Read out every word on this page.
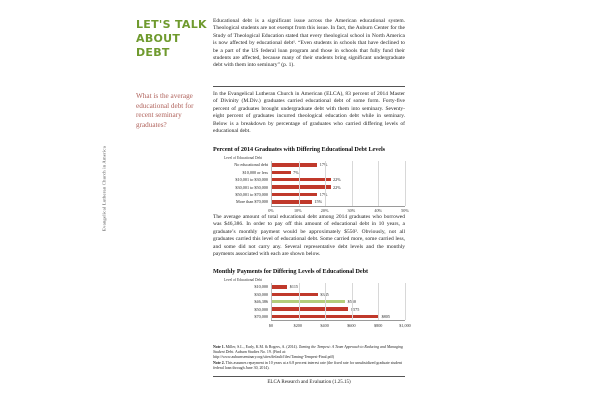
Evangelical Lutheran Church in America
LET'S TALK
ABOUT DEBT
What is the average educational debt for recent seminary graduates?
Educational debt is a significant issue across the American educational system. Theological students are not exempt from this issue. In fact, the Auburn Center for the Study of Theological Education stated that every theological school in North America is now affected by educational debt¹. “Even students in schools that have declined to be a part of the US federal loan program and those in schools that fully fund their students are affected, because many of their students bring significant undergraduate debt with them into seminary” (p. 1).
In the Evangelical Lutheran Church in American (ELCA), 83 percent of 2014 Master of Divinity (M.Div.) graduates carried educational debt of some form. Forty-five percent of graduates brought undergraduate debt with them into seminary. Seventy-eight percent of graduates incurred theological education debt while in seminary. Below is a breakdown by percentage of graduates who carried differing levels of educational debt.
Percent of 2014 Graduates with Differing Educational Debt Levels
Level of Educational Debt
No educational debt	17%
$10,000 or less	7%
$10,001 to $30,000	22%
$30,001 to $50,000	22%
$50,001 to $70,000	17%
More than $70,000	15%
0%	10%	20%	30%	40%	50%
The average amount of total educational debt among 2014 graduates who borrowed was $46,386. In order to pay off this amount of educational debt in 10 years, a graduate’s monthly payment would be approximately $550². Obviously, not all graduates carried this level of educational debt. Some carried more, some carried less, and some did not carry any. Several representative debt levels and the monthly payments associated with each are shown below.
Monthly Payments for Differing Levels of Educational Debt
Level of Educational Debt
$10,000	$115
$30,000	$345
$46,386	$550
$50,000	$575
$70,000	$805
$0	$200	$400	$600	$800	$1,000
Note 1. Miller, S.L., Early, K.M. & Rogers, A. (2014). Taming the Tempest: A Team Approach to Reducing and Managing Student Debt. Auburn Studies No. 19. (Find at:
http://www.auburnseminary.org/sites/default/files/Taming-Tempest-Final.pdf)
Note 2. This assumes repayment in 10 years at a 6.8 percent interest rate (the fixed rate for unsubsidized graduate student federal loan through June 30, 2014).
ELCA Research and Evaluation (1.25.15)
